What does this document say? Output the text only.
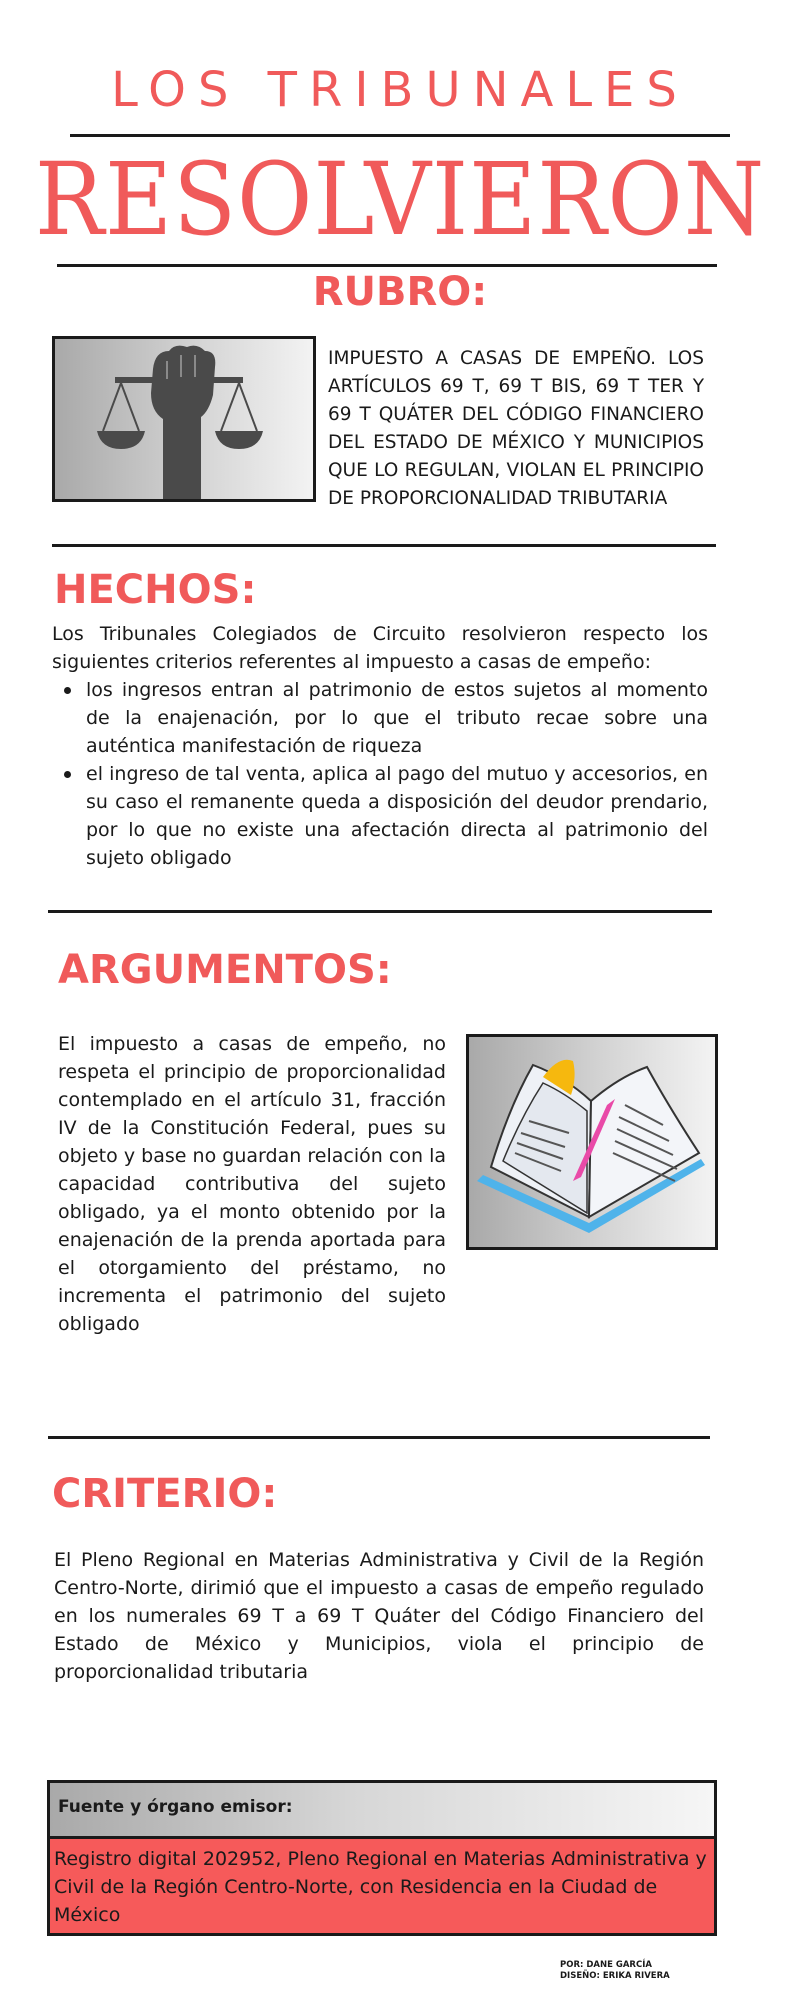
LOS TRIBUNALES
RESOLVIERON
RUBRO:
IMPUESTO A CASAS DE EMPEÑO. LOS ARTÍCULOS 69 T, 69 T BIS, 69 T TER Y 69 T QUÁTER DEL CÓDIGO FINANCIERO DEL ESTADO DE MÉXICO Y MUNICIPIOS QUE LO REGULAN, VIOLAN EL PRINCIPIO DE PROPORCIONALIDAD TRIBUTARIA
HECHOS:
Los Tribunales Colegiados de Circuito resolvieron respecto los siguientes criterios referentes al impuesto a casas de empeño:
los ingresos entran al patrimonio de estos sujetos al momento de la enajenación, por lo que el tributo recae sobre una auténtica manifestación de riqueza
el ingreso de tal venta, aplica al pago del mutuo y accesorios, en su caso el remanente queda a disposición del deudor prendario, por lo que no existe una afectación directa al patrimonio del sujeto obligado
ARGUMENTOS:
El impuesto a casas de empeño, no respeta el principio de proporcionalidad contemplado en el artículo 31, fracción IV de la Constitución Federal, pues su objeto y base no guardan relación con la capacidad contributiva del sujeto obligado, ya el monto obtenido por la enajenación de la prenda aportada para el otorgamiento del préstamo, no incrementa el patrimonio del sujeto obligado
CRITERIO:
El Pleno Regional en Materias Administrativa y Civil de la Región Centro-Norte, dirimió que el impuesto a casas de empeño regulado en los numerales 69 T a 69 T Quáter del Código Financiero del Estado de México y Municipios, viola el principio de proporcionalidad tributaria
Fuente y órgano emisor:
Registro digital 202952, Pleno Regional en Materias Administrativa y Civil de la Región Centro-Norte, con Residencia en la Ciudad de México
POR: DANE GARCÍA
DISEÑO: ERIKA RIVERA
